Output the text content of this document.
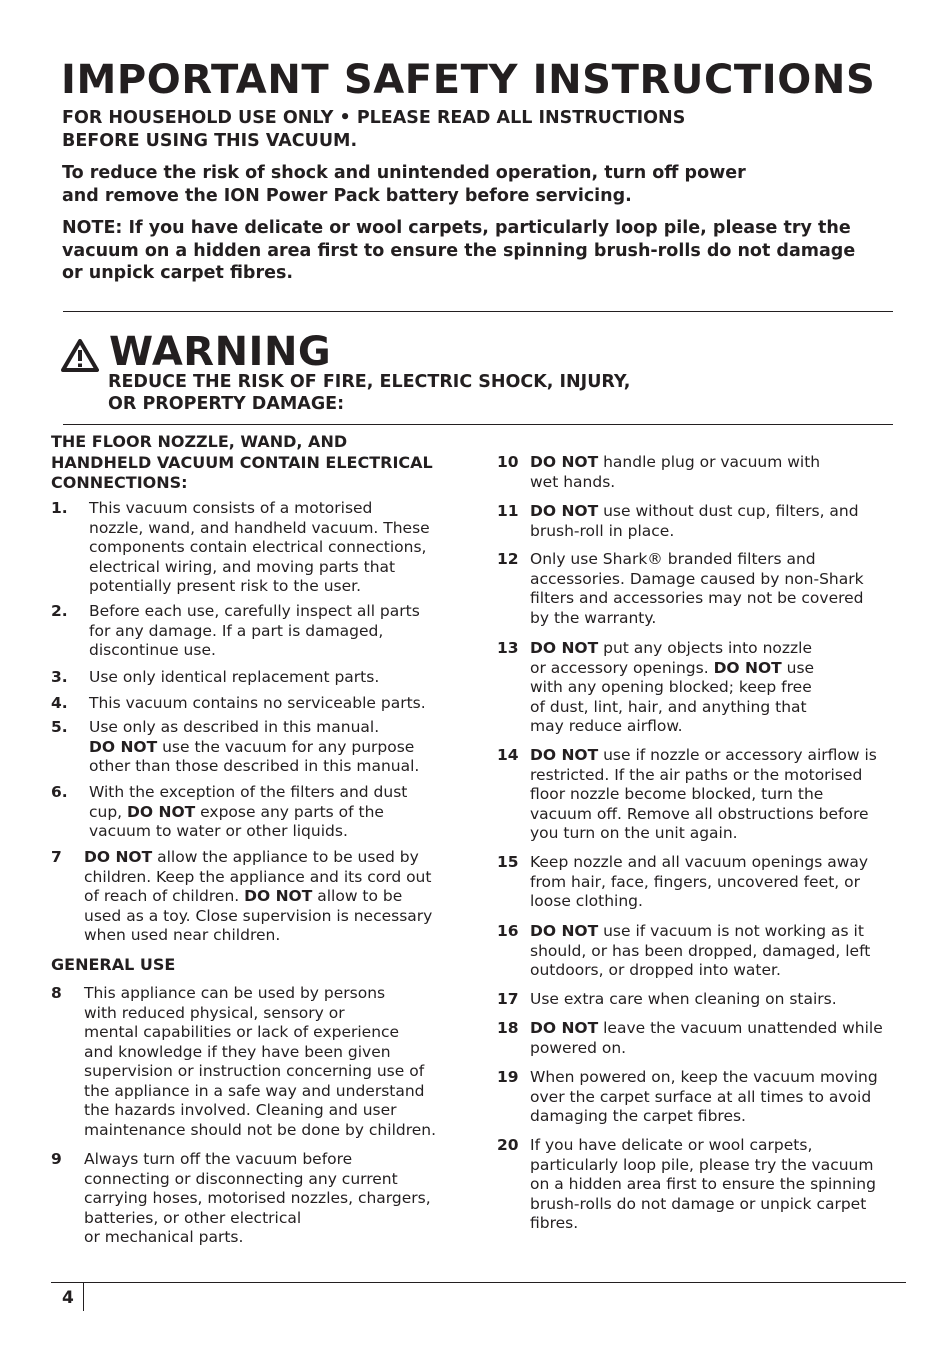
IMPORTANT SAFETY INSTRUCTIONS

FOR HOUSEHOLD USE ONLY • PLEASE READ ALL INSTRUCTIONS
BEFORE USING THIS VACUUM.

To reduce the risk of shock and unintended operation, turn off power
and remove the ION Power Pack battery before servicing.

NOTE: If you have delicate or wool carpets, particularly loop pile, please try the
vacuum on a hidden area first to ensure the spinning brush-rolls do not damage
or unpick carpet fibres.

WARNING

REDUCE THE RISK OF FIRE, ELECTRIC SHOCK, INJURY,
OR PROPERTY DAMAGE:

THE FLOOR NOZZLE, WAND, AND
HANDHELD VACUUM CONTAIN ELECTRICAL
CONNECTIONS:

GENERAL USE

1. This vacuum consists of a motorised
nozzle, wand, and handheld vacuum. These
components contain electrical connections,
electrical wiring, and moving parts that
potentially present risk to the user.
2. Before each use, carefully inspect all parts
for any damage. If a part is damaged,
discontinue use.
3. Use only identical replacement parts.
4. This vacuum contains no serviceable parts.
5. Use only as described in this manual.
DO NOT use the vacuum for any purpose
other than those described in this manual.
6. With the exception of the filters and dust
cup, DO NOT expose any parts of the
vacuum to water or other liquids.
7 DO NOT allow the appliance to be used by
children. Keep the appliance and its cord out
of reach of children. DO NOT allow to be
used as a toy. Close supervision is necessary
when used near children.
8 This appliance can be used by persons
with reduced physical, sensory or
mental capabilities or lack of experience
and knowledge if they have been given
supervision or instruction concerning use of
the appliance in a safe way and understand
the hazards involved. Cleaning and user
maintenance should not be done by children.
9 Always turn off the vacuum before
connecting or disconnecting any current
carrying hoses, motorised nozzles, chargers,
batteries, or other electrical
or mechanical parts.
10 DO NOT handle plug or vacuum with
wet hands.
11 DO NOT use without dust cup, filters, and
brush-roll in place.
12 Only use Shark® branded filters and
accessories. Damage caused by non-Shark
filters and accessories may not be covered
by the warranty.
13 DO NOT put any objects into nozzle
or accessory openings. DO NOT use
with any opening blocked; keep free
of dust, lint, hair, and anything that
may reduce airflow.
14 DO NOT use if nozzle or accessory airflow is
restricted. If the air paths or the motorised
floor nozzle become blocked, turn the
vacuum off. Remove all obstructions before
you turn on the unit again.
15 Keep nozzle and all vacuum openings away
from hair, face, fingers, uncovered feet, or
loose clothing.
16 DO NOT use if vacuum is not working as it
should, or has been dropped, damaged, left
outdoors, or dropped into water.
17 Use extra care when cleaning on stairs.
18 DO NOT leave the vacuum unattended while
powered on.
19 When powered on, keep the vacuum moving
over the carpet surface at all times to avoid
damaging the carpet fibres.
20 If you have delicate or wool carpets,
particularly loop pile, please try the vacuum
on a hidden area first to ensure the spinning
brush-rolls do not damage or unpick carpet
fibres.
4
